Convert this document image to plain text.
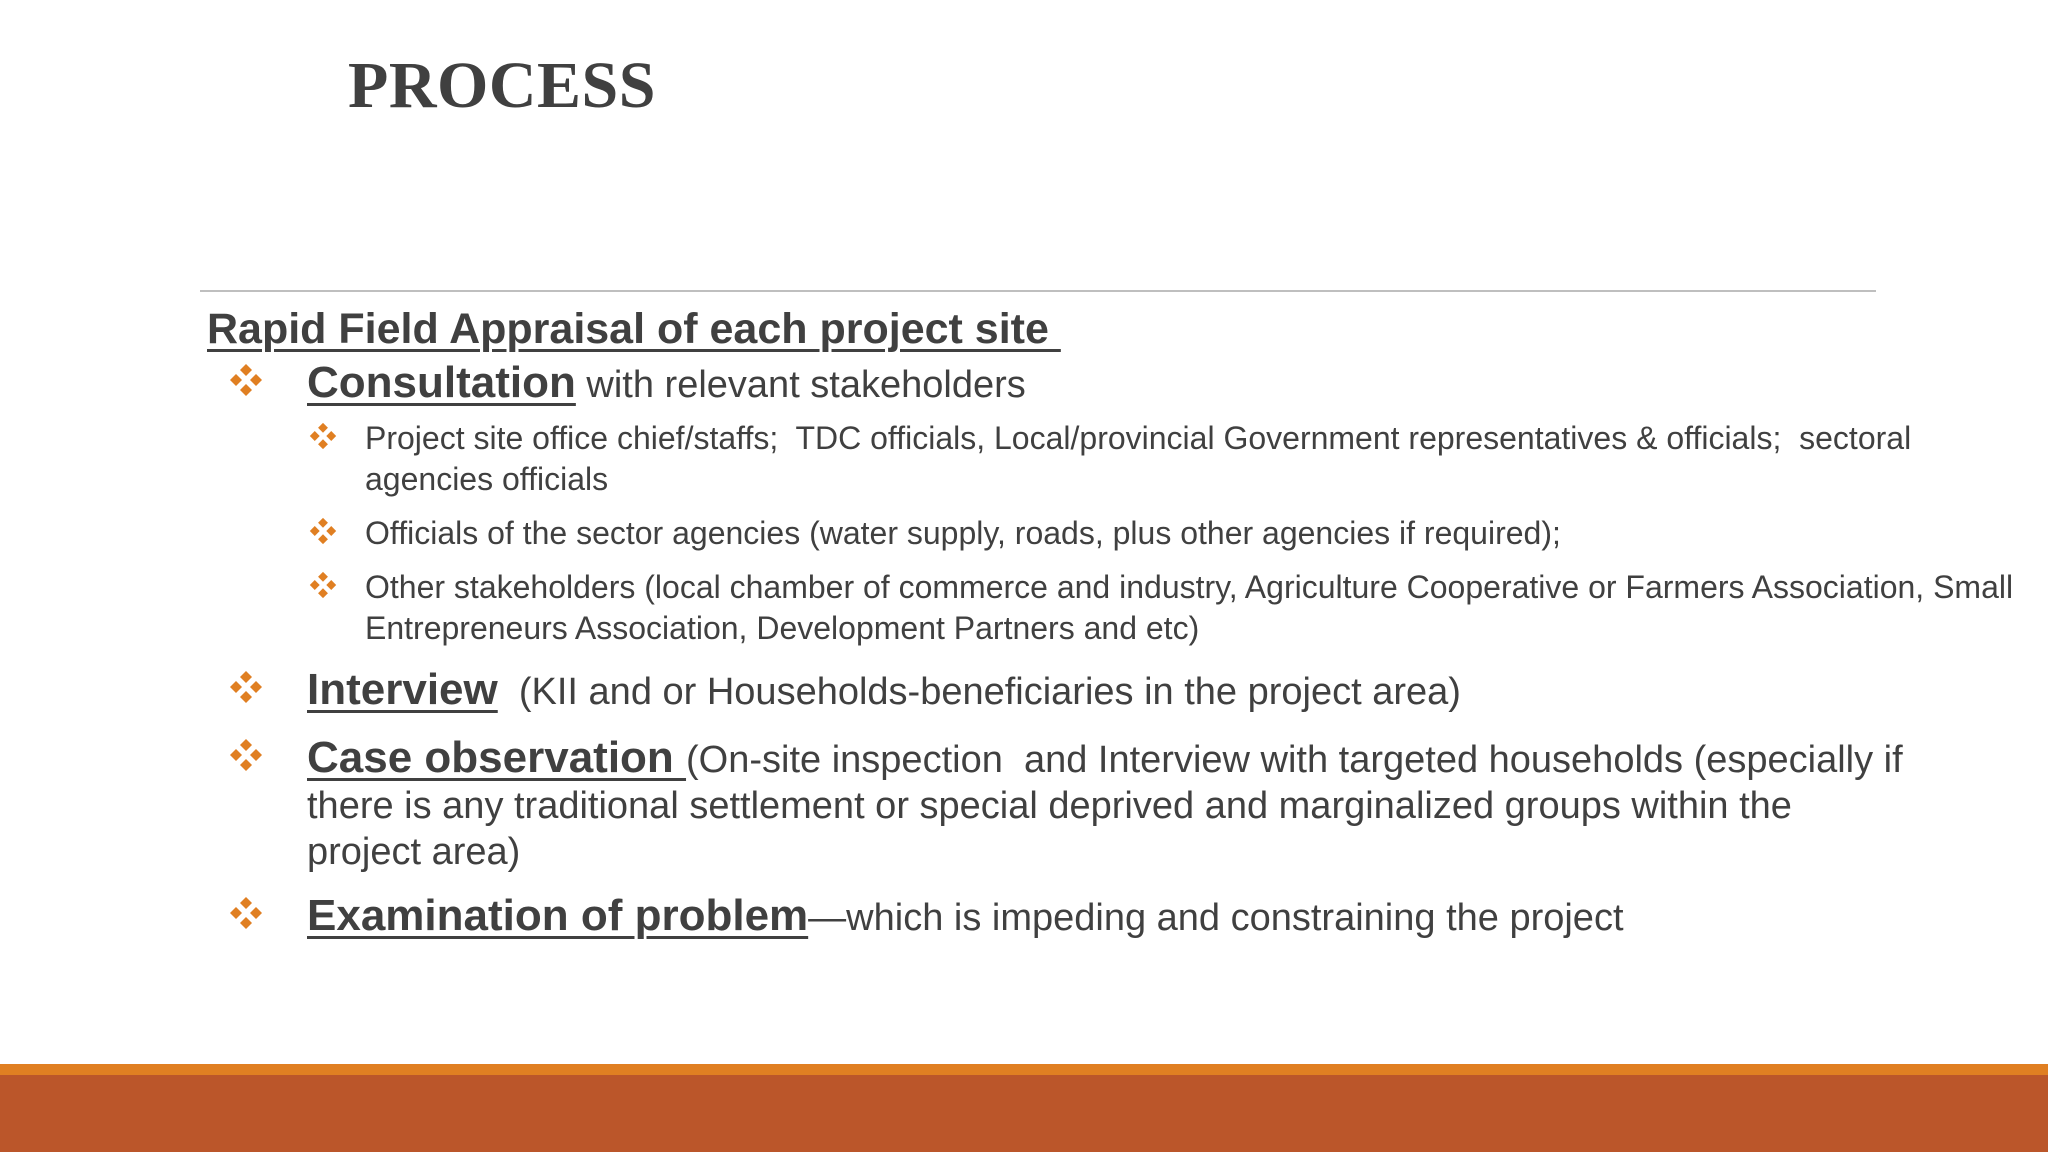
PROCESS
Rapid Field Appraisal of each project site
Consultation with relevant stakeholders
Project site office chief/staffs;  TDC officials, Local/provincial Government representatives & officials;  sectoral agencies officials
Officials of the sector agencies (water supply, roads, plus other agencies if required);
Other stakeholders (local chamber of commerce and industry, Agriculture Cooperative or Farmers Association, Small Entrepreneurs Association, Development Partners and etc)
Interview (KII and or Households-beneficiaries in the project area)
Case observation (On-site inspection  and Interview with targeted households (especially if there is any traditional settlement or special deprived and marginalized groups within the project area)
Examination of problem—which is impeding and constraining the project
